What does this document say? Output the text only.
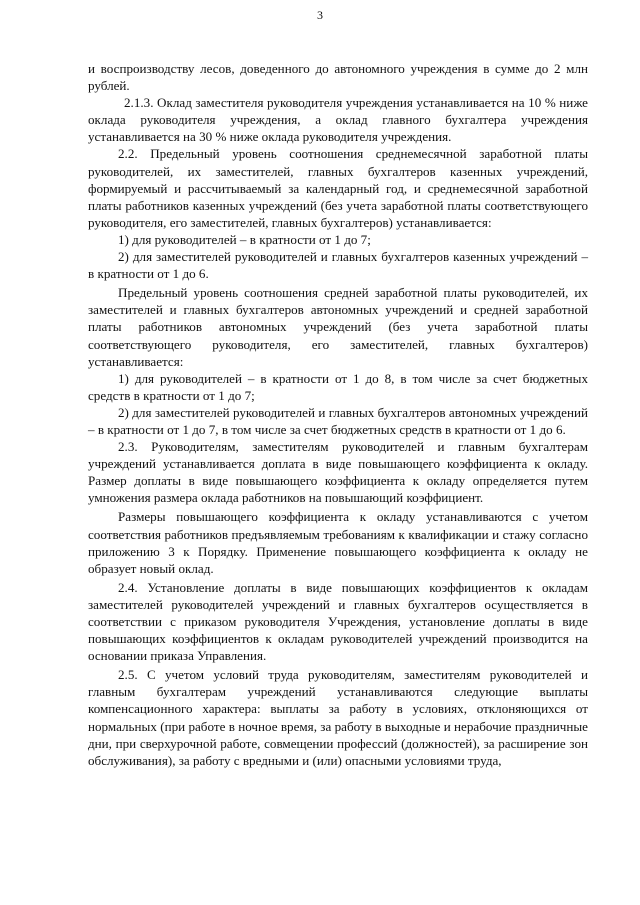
3

и воспроизводству лесов, доведенного до автономного учреждения в сумме до 2 млн рублей.

2.1.3. Оклад заместителя руководителя учреждения устанавливается на 10 % ниже оклада руководителя учреждения, а оклад главного бухгалтера учреждения устанавливается на 30 % ниже оклада руководителя учреждения.

2.2. Предельный уровень соотношения среднемесячной заработной платы руководителей, их заместителей, главных бухгалтеров казенных учреждений, формируемый и рассчитываемый за календарный год, и среднемесячной заработной платы работников казенных учреждений (без учета заработной платы соответствующего руководителя, его заместителей, главных бухгалтеров) устанавливается:

1) для руководителей – в кратности от 1 до 7;

2) для заместителей руководителей и главных бухгалтеров казенных учреждений – в кратности от 1 до 6.

Предельный уровень соотношения средней заработной платы руководителей, их заместителей и главных бухгалтеров автономных учреждений и средней заработной платы работников автономных учреждений (без учета заработной платы соответствующего руководителя, его заместителей, главных бухгалтеров) устанавливается:

1) для руководителей – в кратности от 1 до 8, в том числе за счет бюджетных средств в кратности от 1 до 7;

2) для заместителей руководителей и главных бухгалтеров автономных учреждений – в кратности от 1 до 7, в том числе за счет бюджетных средств в кратности от 1 до 6.

2.3. Руководителям, заместителям руководителей и главным бухгалтерам учреждений устанавливается доплата в виде повышающего коэффициента к окладу. Размер доплаты в виде повышающего коэффициента к окладу определяется путем умножения размера оклада работников на повышающий коэффициент.

Размеры повышающего коэффициента к окладу устанавливаются с учетом соответствия работников предъявляемым требованиям к квалификации и стажу согласно приложению 3 к Порядку. Применение повышающего коэффициента к окладу не образует новый оклад.

2.4. Установление доплаты в виде повышающих коэффициентов к окладам заместителей руководителей учреждений и главных бухгалтеров осуществляется в соответствии с приказом руководителя Учреждения, установление доплаты в виде повышающих коэффициентов к окладам руководителей учреждений производится на основании приказа Управления.

2.5. С учетом условий труда руководителям, заместителям руководителей и главным бухгалтерам учреждений устанавливаются следующие выплаты компенсационного характера: выплаты за работу в условиях, отклоняющихся от нормальных (при работе в ночное время, за работу в выходные и нерабочие праздничные дни, при сверхурочной работе, совмещении профессий (должностей), за расширение зон обслуживания), за работу с вредными и (или) опасными условиями труда,
